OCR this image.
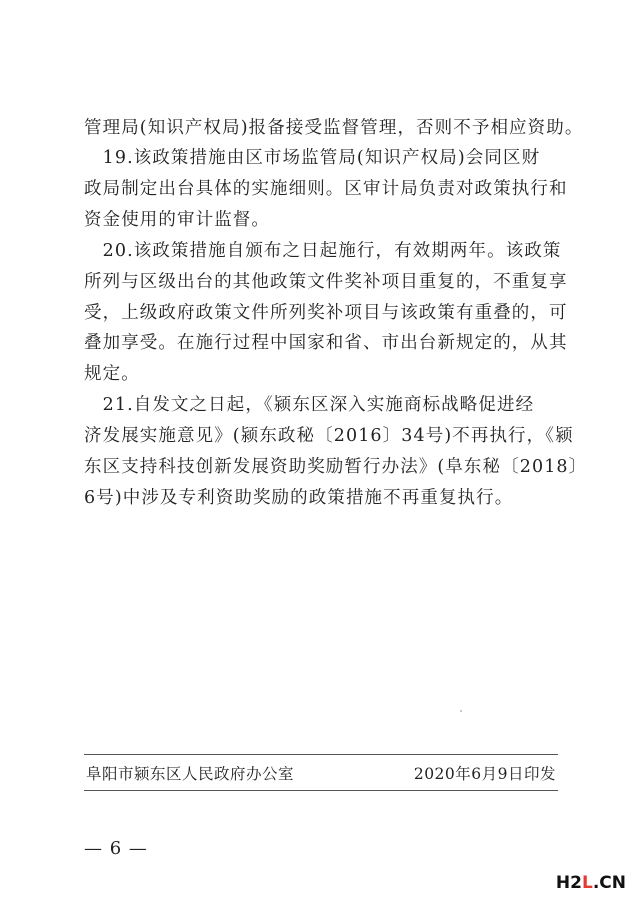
管理局(知识产权局)报备接受监督管理，否则不予相应资助。
　19.该政策措施由区市场监管局(知识产权局)会同区财
政局制定出台具体的实施细则。区审计局负责对政策执行和
资金使用的审计监督。
　20.该政策措施自颁布之日起施行，有效期两年。该政策
所列与区级出台的其他政策文件奖补项目重复的，不重复享
受，上级政府政策文件所列奖补项目与该政策有重叠的，可
叠加享受。在施行过程中国家和省、市出台新规定的，从其
规定。
　21.自发文之日起，《颍东区深入实施商标战略促进经
济发展实施意见》(颍东政秘〔2016〕34号)不再执行，《颍
东区支持科技创新发展资助奖励暂行办法》(阜东秘〔2018〕
6号)中涉及专利资助奖励的政策措施不再重复执行。
阜阳市颍东区人民政府办公室	2020年6月9日印发
— 6 —
H2L.CN
